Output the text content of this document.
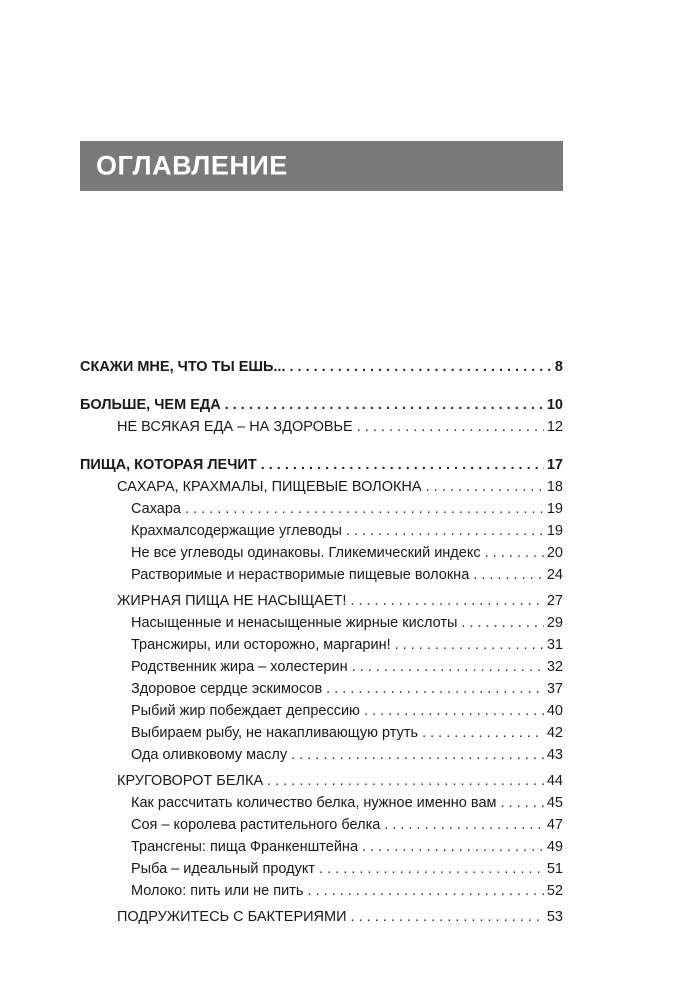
ОГЛАВЛЕНИЕ
СКАЖИ МНЕ, ЧТО ТЫ ЕШЬ... . . .	8
БОЛЬШЕ, ЧЕМ ЕДА . . .	10
НЕ ВСЯКАЯ ЕДА – НА ЗДОРОВЬЕ . . .	12
ПИЩА, КОТОРАЯ ЛЕЧИТ . . .	17
САХАРА, КРАХМАЛЫ, ПИЩЕВЫЕ ВОЛОКНА . . .	18
Сахара . . .	19
Крахмалсодержащие углеводы . . .	19
Не все углеводы одинаковы. Гликемический индекс . . .	20
Растворимые и нерастворимые пищевые волокна . . .	24
ЖИРНАЯ ПИЩА НЕ НАСЫЩАЕТ! . . .	27
Насыщенные и ненасыщенные жирные кислоты . . .	29
Трансжиры, или осторожно, маргарин! . . .	31
Родственник жира – холестерин . . .	32
Здоровое сердце эскимосов . . .	37
Рыбий жир побеждает депрессию . . .	40
Выбираем рыбу, не накапливающую ртуть . . .	42
Ода оливковому маслу . . .	43
КРУГОВОРОТ БЕЛКА . . .	44
Как рассчитать количество белка, нужное именно вам . . .	45
Соя – королева растительного белка . . .	47
Трансгены: пища Франкенштейна . . .	49
Рыба – идеальный продукт . . .	51
Молоко: пить или не пить . . .	52
ПОДРУЖИТЕСЬ С БАКТЕРИЯМИ . . .	53
